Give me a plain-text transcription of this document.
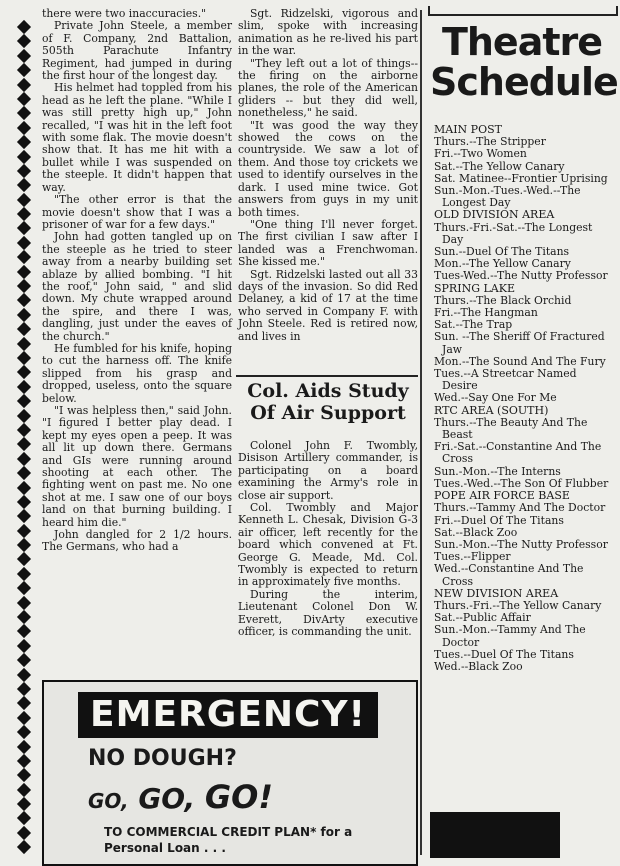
there were two inaccuracies."

Private John Steele, a member of F. Company, 2nd Battalion, 505th Parachute Infantry Regiment, had jumped in during the first hour of the longest day.

His helmet had toppled from his head as he left the plane. "While I was still pretty high up," John recalled, "I was hit in the left foot with some flak. The movie doesn't show that. It has me hit with a bullet while I was suspended on the steeple. It didn't happen that way.

"The other error is that the movie doesn't show that I was a prisoner of war for a few days."

John had gotten tangled up on the steeple as he tried to steer away from a nearby building set ablaze by allied bombing. "I hit the roof," John said, " and slid down. My chute wrapped around the spire, and there I was, dangling, just under the eaves of the church."

He fumbled for his knife, hoping to cut the harness off. The knife slipped from his grasp and dropped, useless, onto the square below.

"I was helpless then," said John. "I figured I better play dead. I kept my eyes open a peep. It was all lit up down there. Germans and GIs were running around shooting at each other. The fighting went on past me. No one shot at me. I saw one of our boys land on that burning building. I heard him die."

John dangled for 2 1/2 hours. The Germans, who had a

Sgt. Ridzelski, vigorous and slim, spoke with increasing animation as he re-lived his part in the war.

"They left out a lot of things-- the firing on the airborne planes, the role of the American gliders -- but they did well, nonetheless," he said.

"It was good the way they showed the cows on the countryside. We saw a lot of them. And those toy crickets we used to identify ourselves in the dark. I used mine twice. Got answers from guys in my unit both times.

"One thing I'll never forget. The first civilian I saw after I landed was a Frenchwoman. She kissed me."

Sgt. Ridzelski lasted out all 33 days of the invasion. So did Red Delaney, a kid of 17 at the time who served in Company F. with John Steele. Red is retired now, and lives in

Col. Aids Study Of Air Support

Colonel John F. Twombly, Disison Artillery commander, is participating on a board examining the Army's role in close air support.

Col. Twombly and Major Kenneth L. Chesak, Division G-3 air officer, left recently for the board which convened at Ft. George G. Meade, Md. Col. Twombly is expected to return in approximately five months.

During the interim, Lieutenant Colonel Don W. Everett, DivArty executive officer, is commanding the unit.

EMERGENCY!
NO DOUGH?
GO, GO, GO!
TO COMMERCIAL CREDIT PLAN* for a Personal Loan . . .
Theatre
Schedule
MAIN POST
Thurs.--The Stripper
Fri.--Two Women
Sat.--The Yellow Canary
Sat. Matinee--Frontier Uprising
Sun.-Mon.-Tues.-Wed.--The Longest Day
OLD DIVISION AREA
Thurs.-Fri.-Sat.--The Longest Day
Sun.--Duel Of The Titans
Mon.--The Yellow Canary
Tues-Wed.--The Nutty Professor
SPRING LAKE
Thurs.--The Black Orchid
Fri.--The Hangman
Sat.--The Trap
Sun. --The Sheriff Of Fractured Jaw
Mon.--The Sound And The Fury
Tues.--A Streetcar Named Desire
Wed.--Say One For Me
RTC AREA (SOUTH)
Thurs.--The Beauty And The Beast
Fri.-Sat.--Constantine And The Cross
Sun.-Mon.--The Interns
Tues.-Wed.--The Son Of Flubber
POPE AIR FORCE BASE
Thurs.--Tammy And The Doctor
Fri.--Duel Of The Titans
Sat.--Black Zoo
Sun.-Mon.--The Nutty Professor
Tues.--Flipper
Wed.--Constantine And The Cross
NEW DIVISION AREA
Thurs.-Fri.--The Yellow Canary
Sat.--Public Affair
Sun.-Mon.--Tammy And The Doctor
Tues.--Duel Of The Titans
Wed.--Black Zoo
